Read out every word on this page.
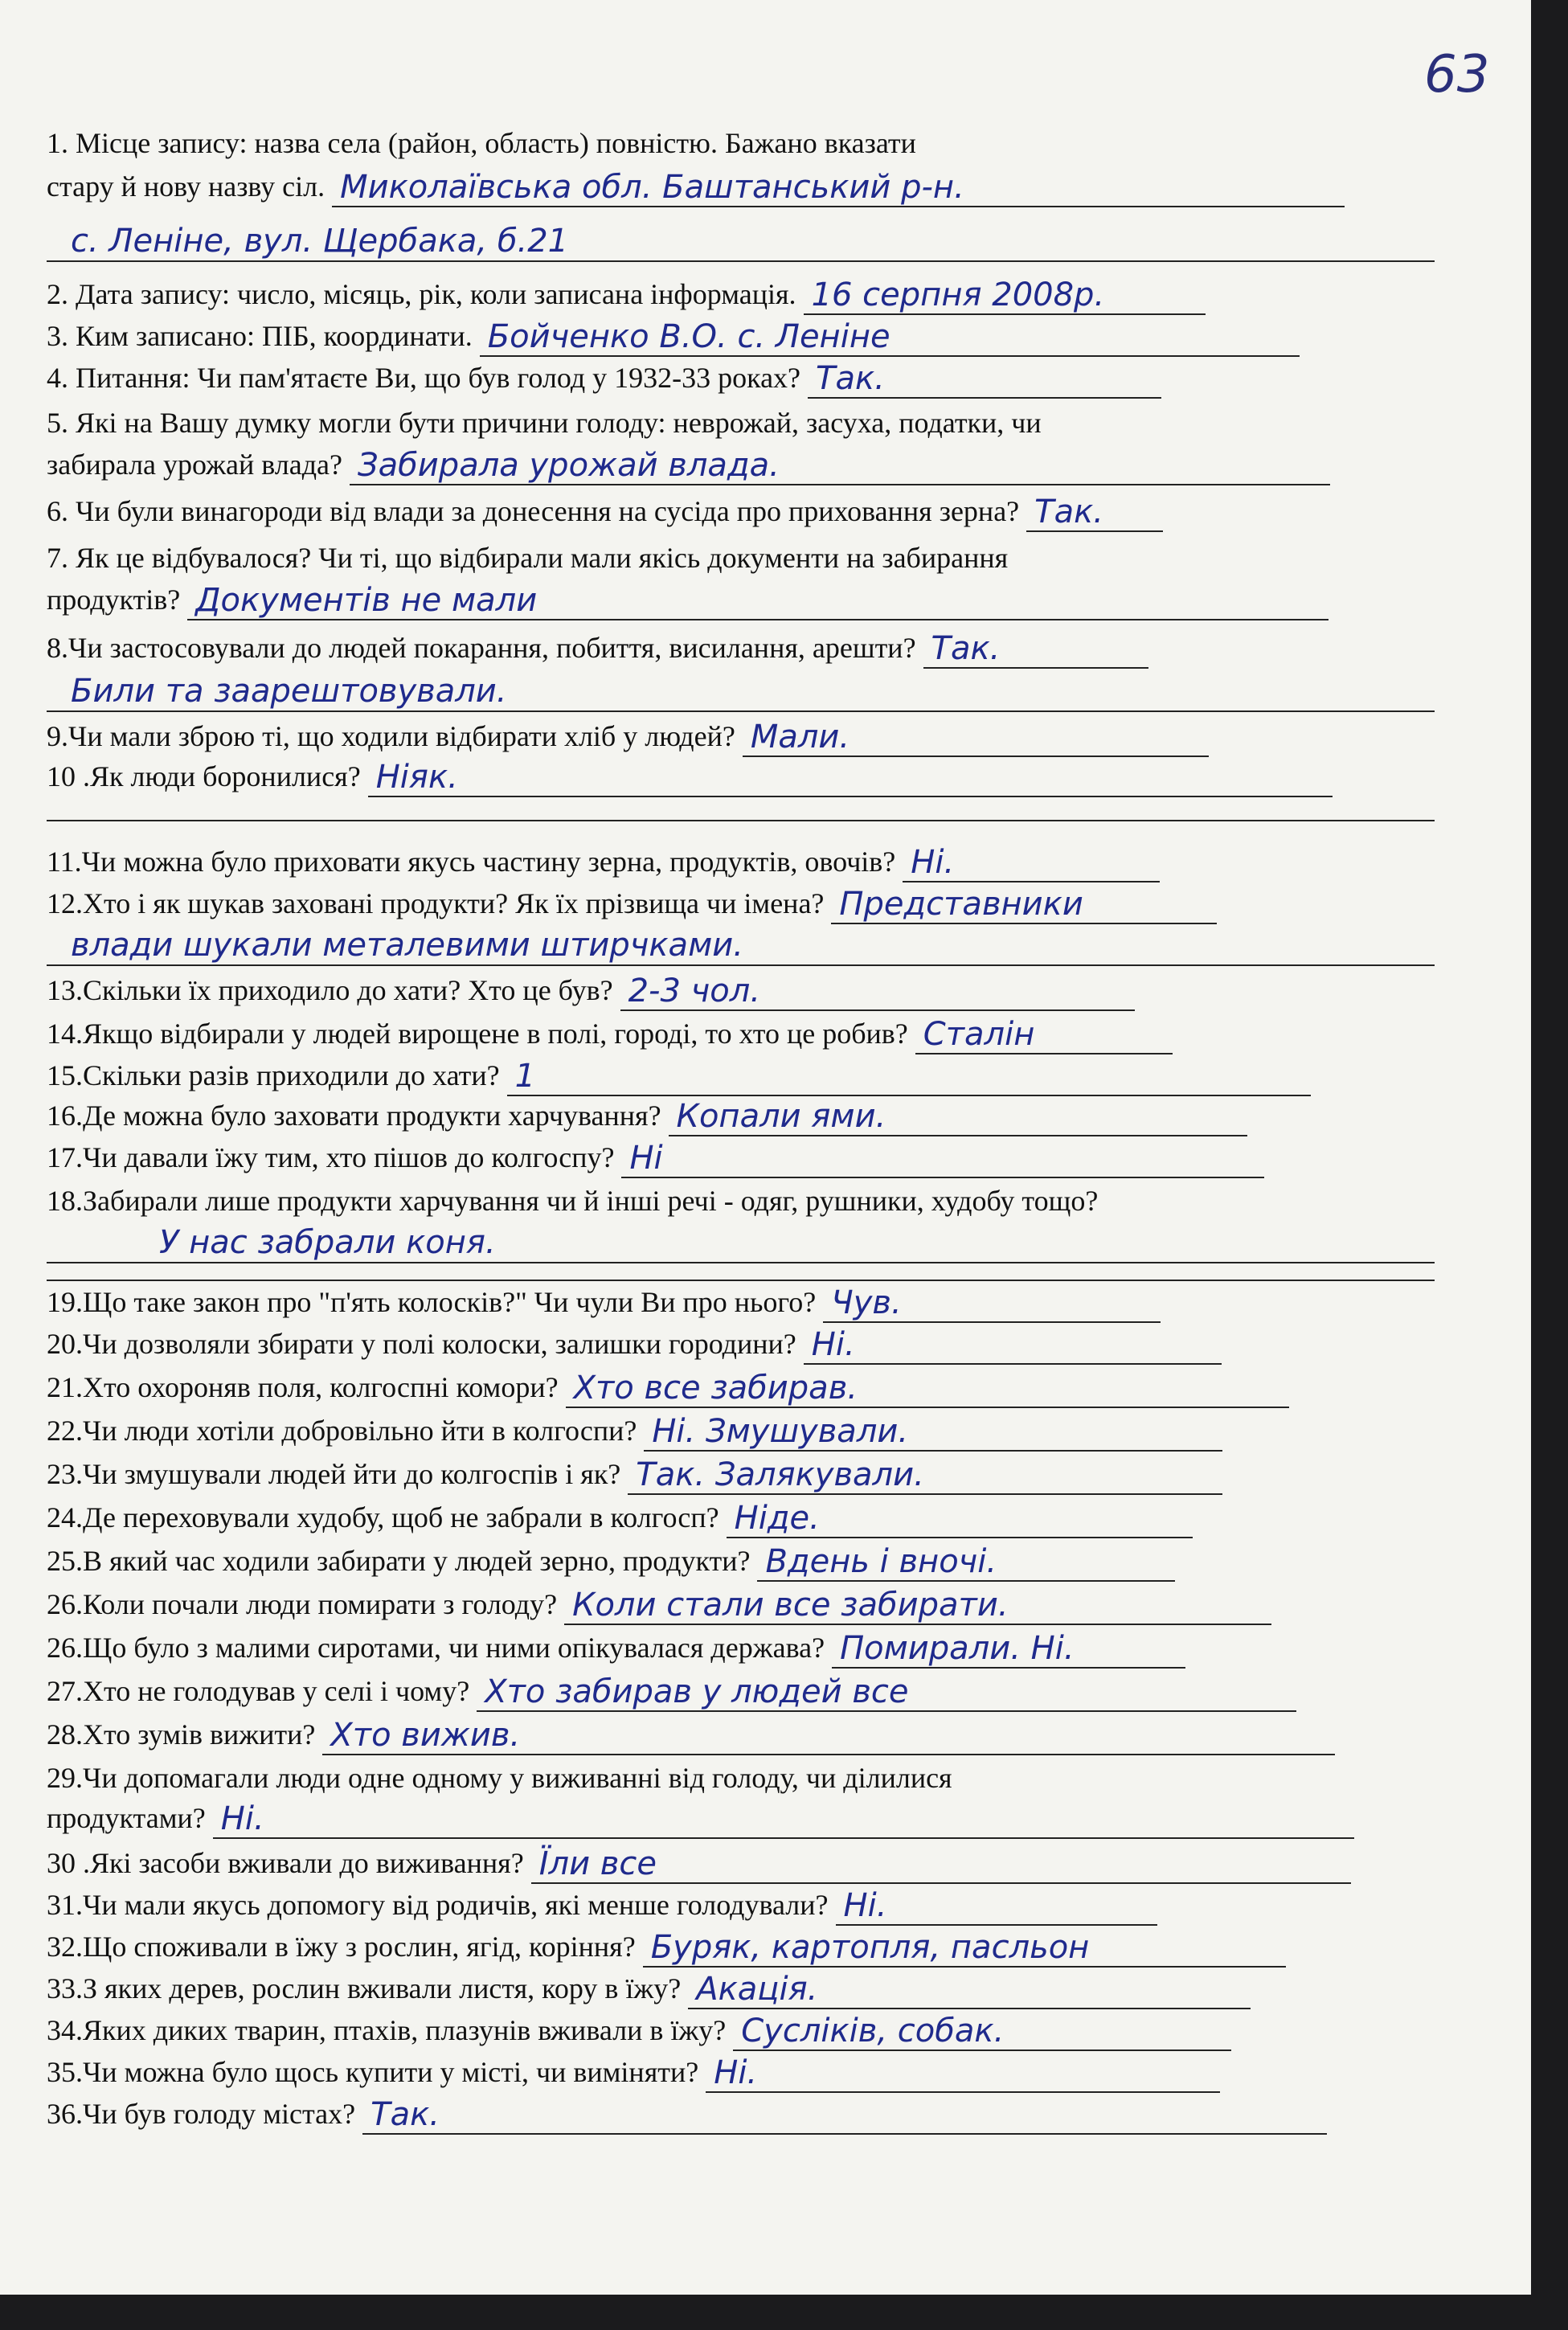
63
1. Місце запису: назва села (район, область) повністю. Бажано вказати
стару й нову назву сіл. Миколаївська обл. Баштанський р-н.
с. Леніне, вул. Щербака, б.21
2. Дата запису: число, місяць, рік, коли записана інформація. 16 серпня 2008р.
3. Ким записано: ПІБ, координати. Бойченко В.О. с. Леніне
4. Питання: Чи пам'ятаєте Ви, що був голод у 1932-33 роках? Так.
5. Які на Вашу думку могли бути причини голоду: неврожай, засуха, податки, чи
забирала урожай влада? Забирала урожай влада.
6. Чи були винагороди від влади за донесення на сусіда про приховання зерна? Так.
7. Як це відбувалося? Чи ті, що відбирали мали якісь документи на забирання
продуктів? Документів не мали
8.Чи застосовували до людей покарання, побиття, висилання, арешти? Так.
Били та заарештовували.
9.Чи мали зброю ті, що ходили відбирати хліб у людей? Мали.
10 .Як люди боронилися? Ніяк.
11.Чи можна було приховати якусь частину зерна, продуктів, овочів? Ні.
12.Хто і як шукав заховані продукти? Як їх прізвища чи імена? Представники
влади шукали металевими штирчками.
13.Скільки їх приходило до хати? Хто це був? 2-3 чол.
14.Якщо відбирали у людей вирощене в полі, городі, то хто це робив? Сталін
15.Скільки разів приходили до хати? 1
16.Де можна було заховати продукти харчування? Копали ями.
17.Чи давали їжу тим, хто пішов до колгоспу? Ні
18.Забирали лише продукти харчування чи й інші речі - одяг, рушники, худобу тощо?
У нас забрали коня.
19.Що таке закон про "п'ять колосків?" Чи чули Ви про нього? Чув.
20.Чи дозволяли збирати у полі колоски, залишки городини? Ні.
21.Хто охороняв поля, колгоспні комори? Хто все забирав.
22.Чи люди хотіли добровільно йти в колгоспи? Ні. Змушували.
23.Чи змушували людей йти до колгоспів і як? Так. Залякували.
24.Де переховували худобу, щоб не забрали в колгосп? Ніде.
25.В який час ходили забирати у людей зерно, продукти? Вдень і вночі.
26.Коли почали люди помирати з голоду? Коли стали все забирати.
26.Що було з малими сиротами, чи ними опікувалася держава? Помирали. Ні.
27.Хто не голодував у селі і чому? Хто забирав у людей все
28.Хто зумів вижити? Хто вижив.
29.Чи допомагали люди одне одному у виживанні від голоду, чи ділилися
продуктами? Ні.
30 .Які засоби вживали до виживання? Їли все
31.Чи мали якусь допомогу від родичів, які менше голодували? Ні.
32.Що споживали в їжу з рослин, ягід, коріння? Буряк, картопля, пасльон
33.З яких дерев, рослин вживали листя, кору в їжу? Акація.
34.Яких диких тварин, птахів, плазунів вживали в їжу? Сусліків, собак.
35.Чи можна було щось купити у місті, чи виміняти? Ні.
36.Чи був голоду містах? Так.
